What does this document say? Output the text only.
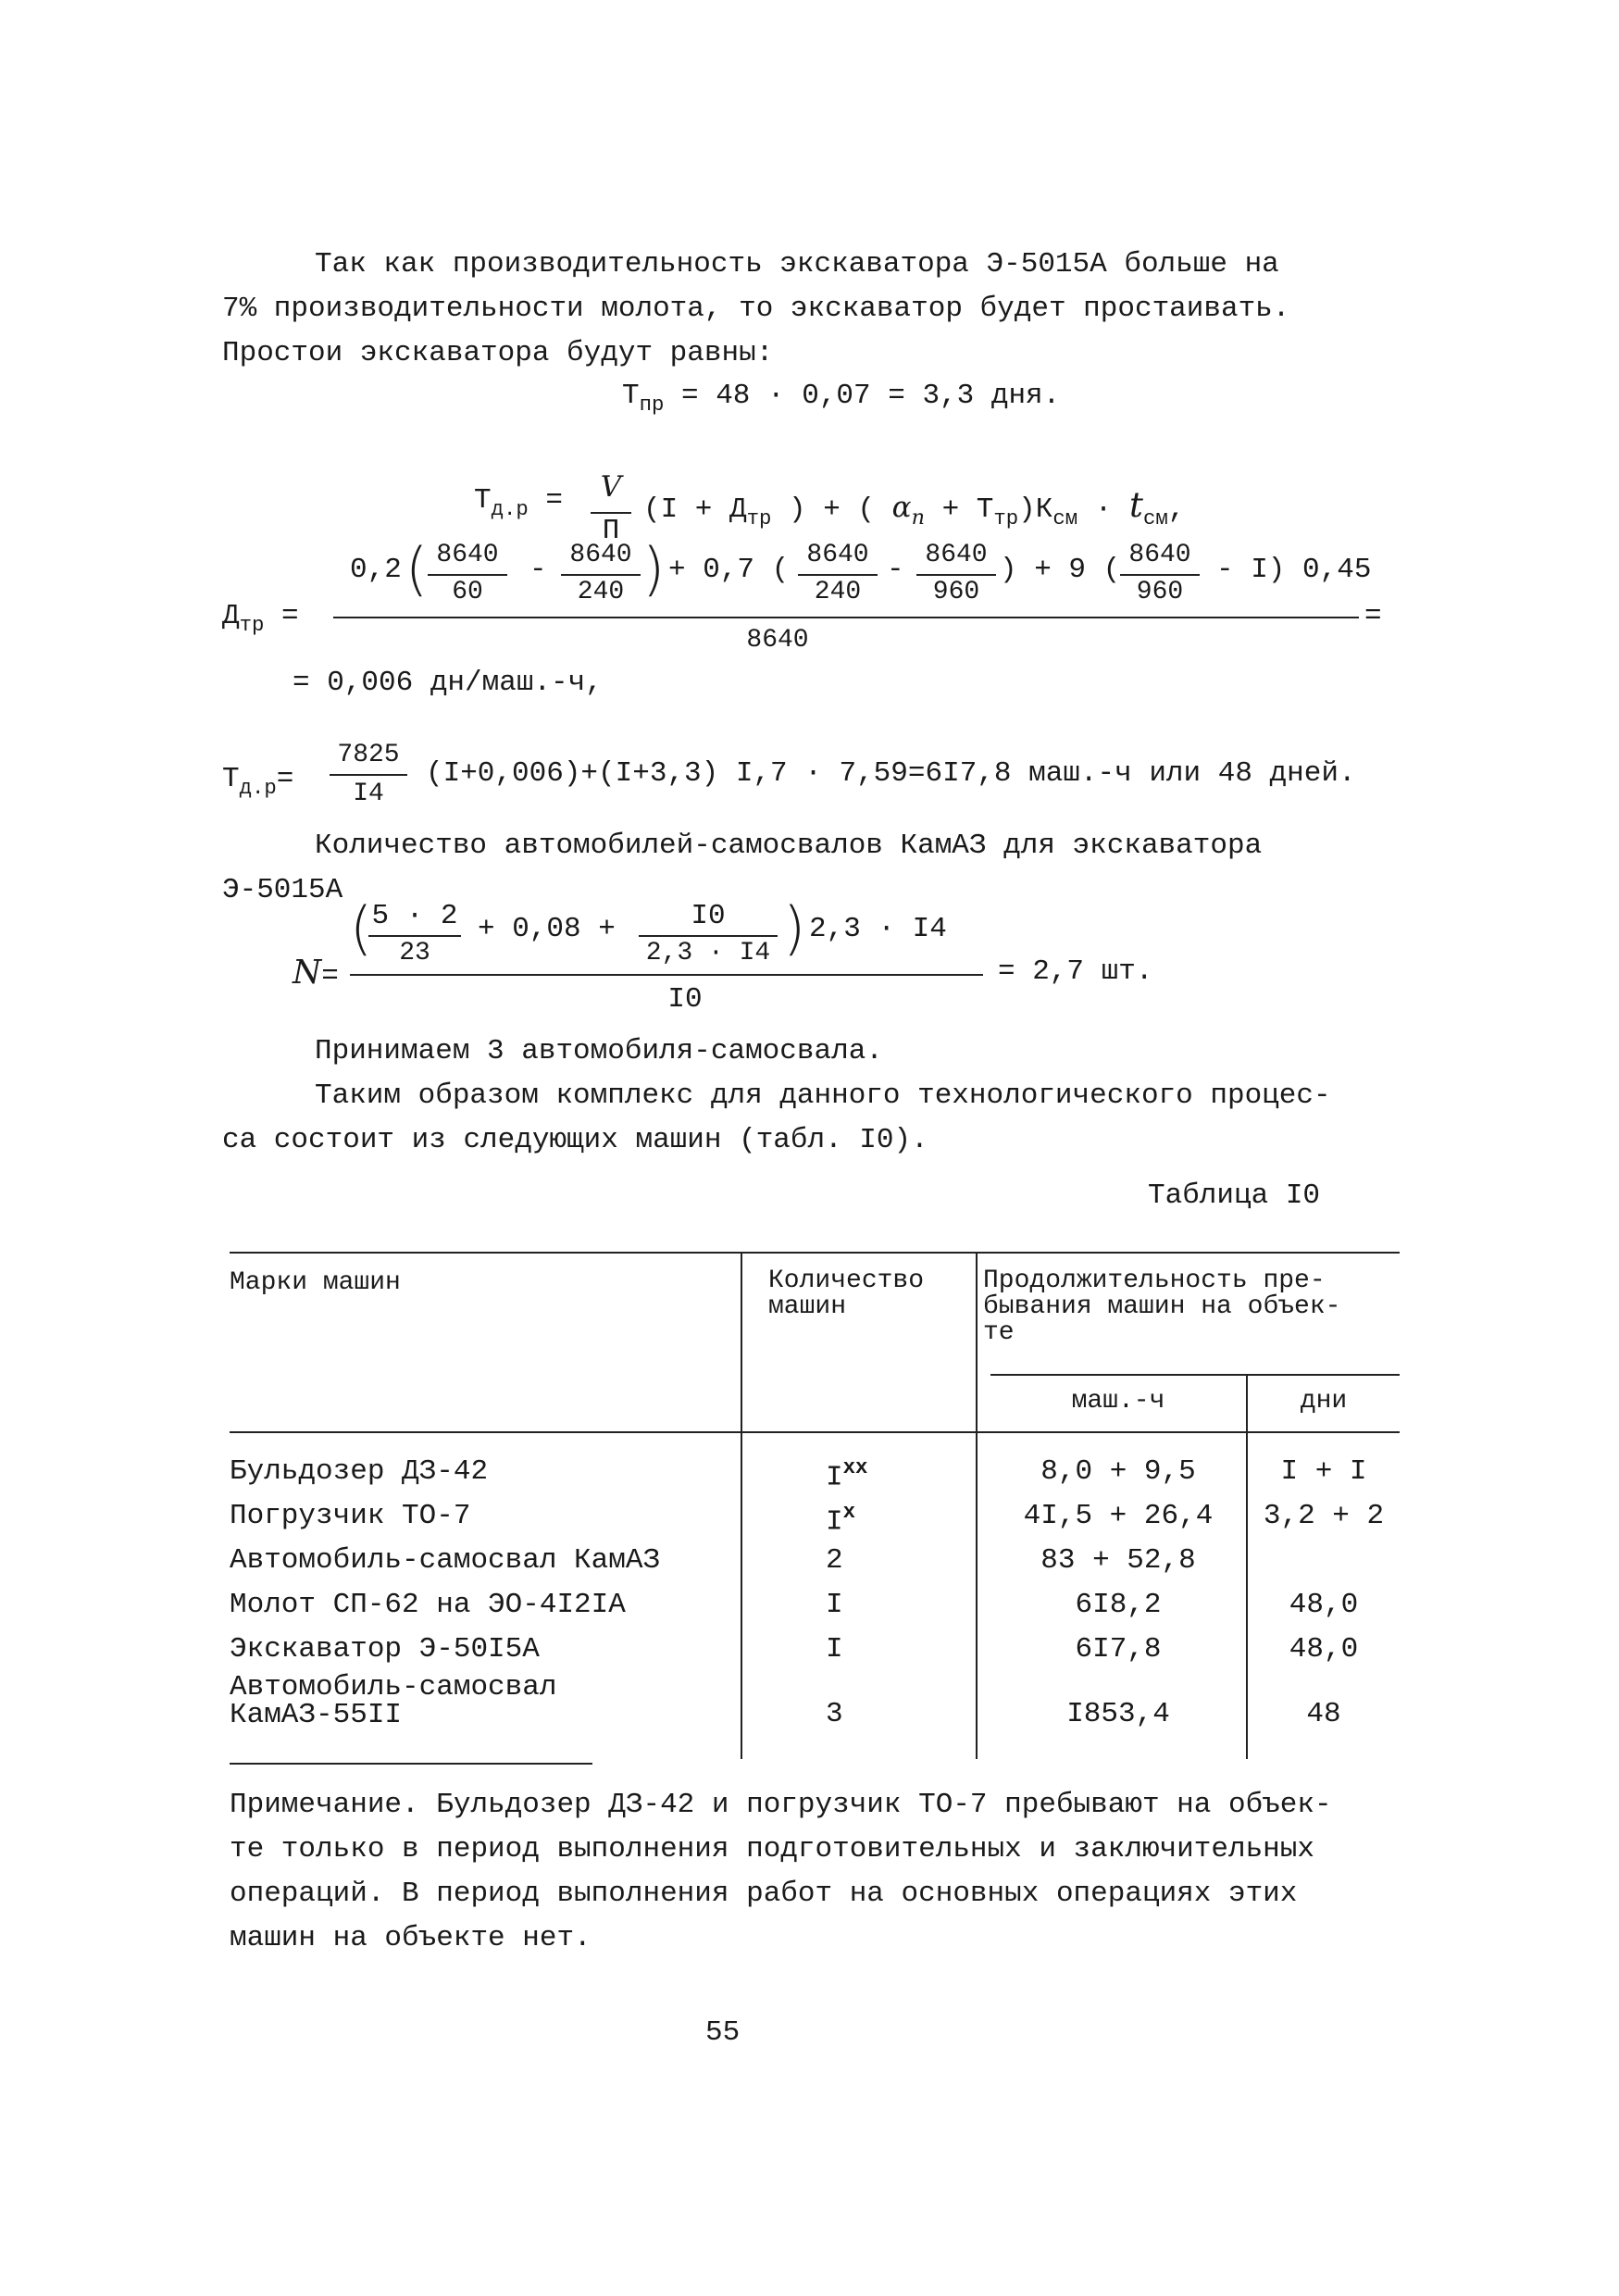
Так как производительность экскаватора Э-5015А больше на
7% производительности молота, то экскаватор будет простаивать.
Простои экскаватора будут равны:
$Т_{пр} = 48 \cdot 0,07 = 3,3$ дня.
$Т_{д.р} = V$
П
($I + Д_{тр}$ ) + ( $\alpha_n + Т_{тр})К_{см} \cdot t_{см}$,
$Д_{тр}$ =
0,2 ( 8640
60
- 8640
240 ) + 0,7 ( 8640
240
- 8640
960
) + 9 ( 8640
960
- I) 0,45
8640
=
= 0,006 дн/маш.-ч,
$Т_{д.р}=$
7825
I4
(I+0,006)+(I+3,3) I,7 · 7,59=6I7,8 маш.-ч или 48 дней.
Количество автомобилей-самосвалов КамАЗ для экскаватора
Э-5015А
N=
( 5 · 2
23
+ 0,08 +	I0
2,3 · I4 ) 2,3 · I4
I0
= 2,7 шт.
Принимаем 3 автомобиля-самосвала.
Таким образом комплекс для данного технологического процес-
са состоит из следующих машин (табл. I0).
Таблица I0
Марки машин	Количество
машин
Продолжительность пре-
бывания машин на объек-
те
маш.-ч	дни
Бульдозер ДЗ-42	$I^{xx}$	8,0 + 9,5	I + I
Погрузчик ТО-7	$I^x$	4I,5 + 26,4	3,2 + 2
Автомобиль-самосвал КамАЗ	2	83 + 52,8
Молот СП-62 на ЭО-4I2IА	I	6I8,2	48,0
Экскаватор Э-50I5А	I	6I7,8	48,0
Автомобиль-самосвал
КамАЗ-55II	3	I853,4	48
Примечание. Бульдозер ДЗ-42 и погрузчик ТО-7 пребывают на объек-
те только в период выполнения подготовительных и заключительных
операций. В период выполнения работ на основных операциях этих
машин на объекте нет.
55
